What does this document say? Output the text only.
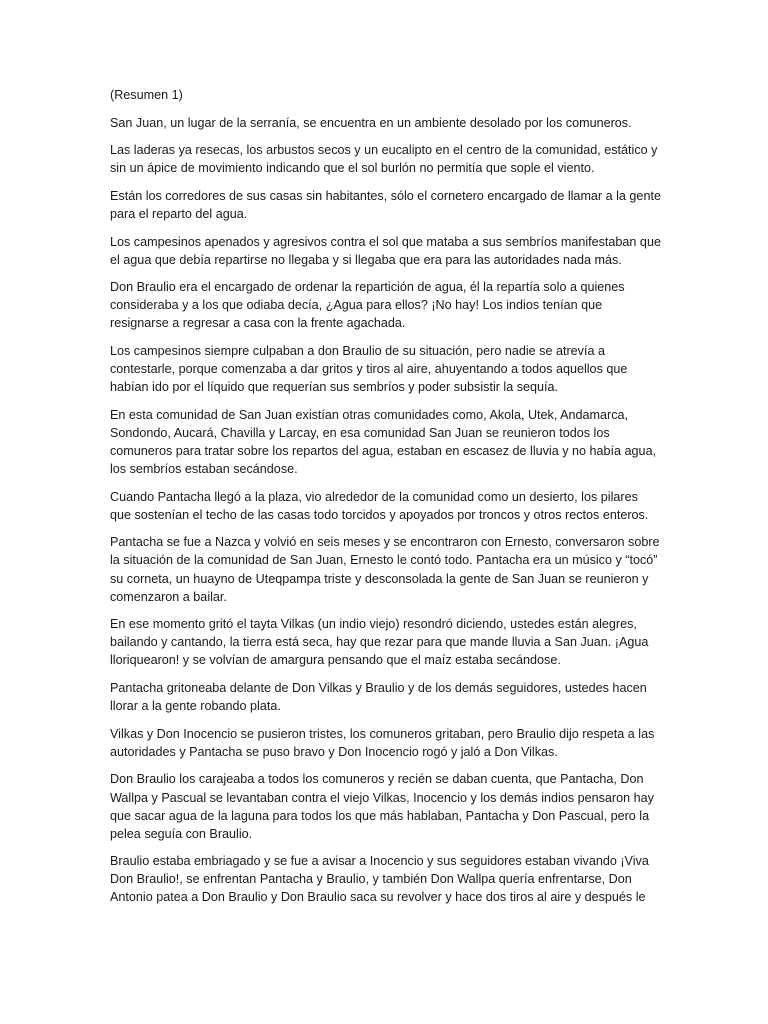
(Resumen 1)

San Juan, un lugar de la serranía, se encuentra en un ambiente desolado por los comuneros.

Las laderas ya resecas, los arbustos secos y un eucalipto en el centro de la comunidad, estático y sin un ápice de movimiento indicando que el sol burlón no permitía que sople el viento.

Están los corredores de sus casas sin habitantes, sólo el cornetero encargado de llamar a la gente para el reparto del agua.

Los campesinos apenados y agresivos contra el sol que mataba a sus sembríos manifestaban que el agua que debía repartirse no llegaba y si llegaba que era para las autoridades nada más.

Don Braulio era el encargado de ordenar la repartición de agua, él la repartía solo a quienes consideraba y a los que odiaba decía, ¿Agua para ellos? ¡No hay! Los indios tenían que resignarse a regresar a casa con la frente agachada.

Los campesinos siempre culpaban a don Braulio de su situación, pero nadie se atrevía a contestarle, porque comenzaba a dar gritos y tiros al aire, ahuyentando a todos aquellos que habían ido por el líquido que requerían sus sembríos y poder subsistir la sequía.

En esta comunidad de San Juan existían otras comunidades como, Akola, Utek, Andamarca, Sondondo, Aucará, Chavilla y Larcay, en esa comunidad San Juan se reunieron todos los comuneros para tratar sobre los repartos del agua, estaban en escasez de lluvia y no había agua, los sembríos estaban secándose.

Cuando Pantacha llegó a la plaza, vio alrededor de la comunidad como un desierto, los pilares que sostenían el techo de las casas todo torcidos y apoyados por troncos y otros rectos enteros.

Pantacha se fue a Nazca y volvió en seis meses y se encontraron con Ernesto, conversaron sobre la situación de la comunidad de San Juan, Ernesto le contó todo. Pantacha era un músico y “tocó” su corneta, un huayno de Uteqpampa triste y desconsolada la gente de San Juan se reunieron y comenzaron a bailar.

En ese momento gritó el tayta Vilkas (un indio viejo) resondró diciendo, ustedes están alegres, bailando y cantando, la tierra está seca, hay que rezar para que mande lluvia a San Juan. ¡Agua lloriquearon! y se volvían de amargura pensando que el maíz estaba secándose.

Pantacha gritoneaba delante de Don Vilkas y Braulio y de los demás seguidores, ustedes hacen llorar a la gente robando plata.

Vilkas y Don Inocencio se pusieron tristes, los comuneros gritaban, pero Braulio dijo respeta a las autoridades y Pantacha se puso bravo y Don Inocencio rogó y jaló a Don Vilkas.

Don Braulio los carajeaba a todos los comuneros y recién se daban cuenta, que Pantacha, Don Wallpa y Pascual se levantaban contra el viejo Vilkas, Inocencio y los demás indios pensaron hay que sacar agua de la laguna para todos los que más hablaban, Pantacha y Don Pascual, pero la pelea seguía con Braulio.

Braulio estaba embriagado y se fue a avisar a Inocencio y sus seguidores estaban vivando ¡Viva Don Braulio!, se enfrentan Pantacha y Braulio, y también Don Wallpa quería enfrentarse, Don Antonio patea a Don Braulio y Don Braulio saca su revolver y hace dos tiros al aire y después le
